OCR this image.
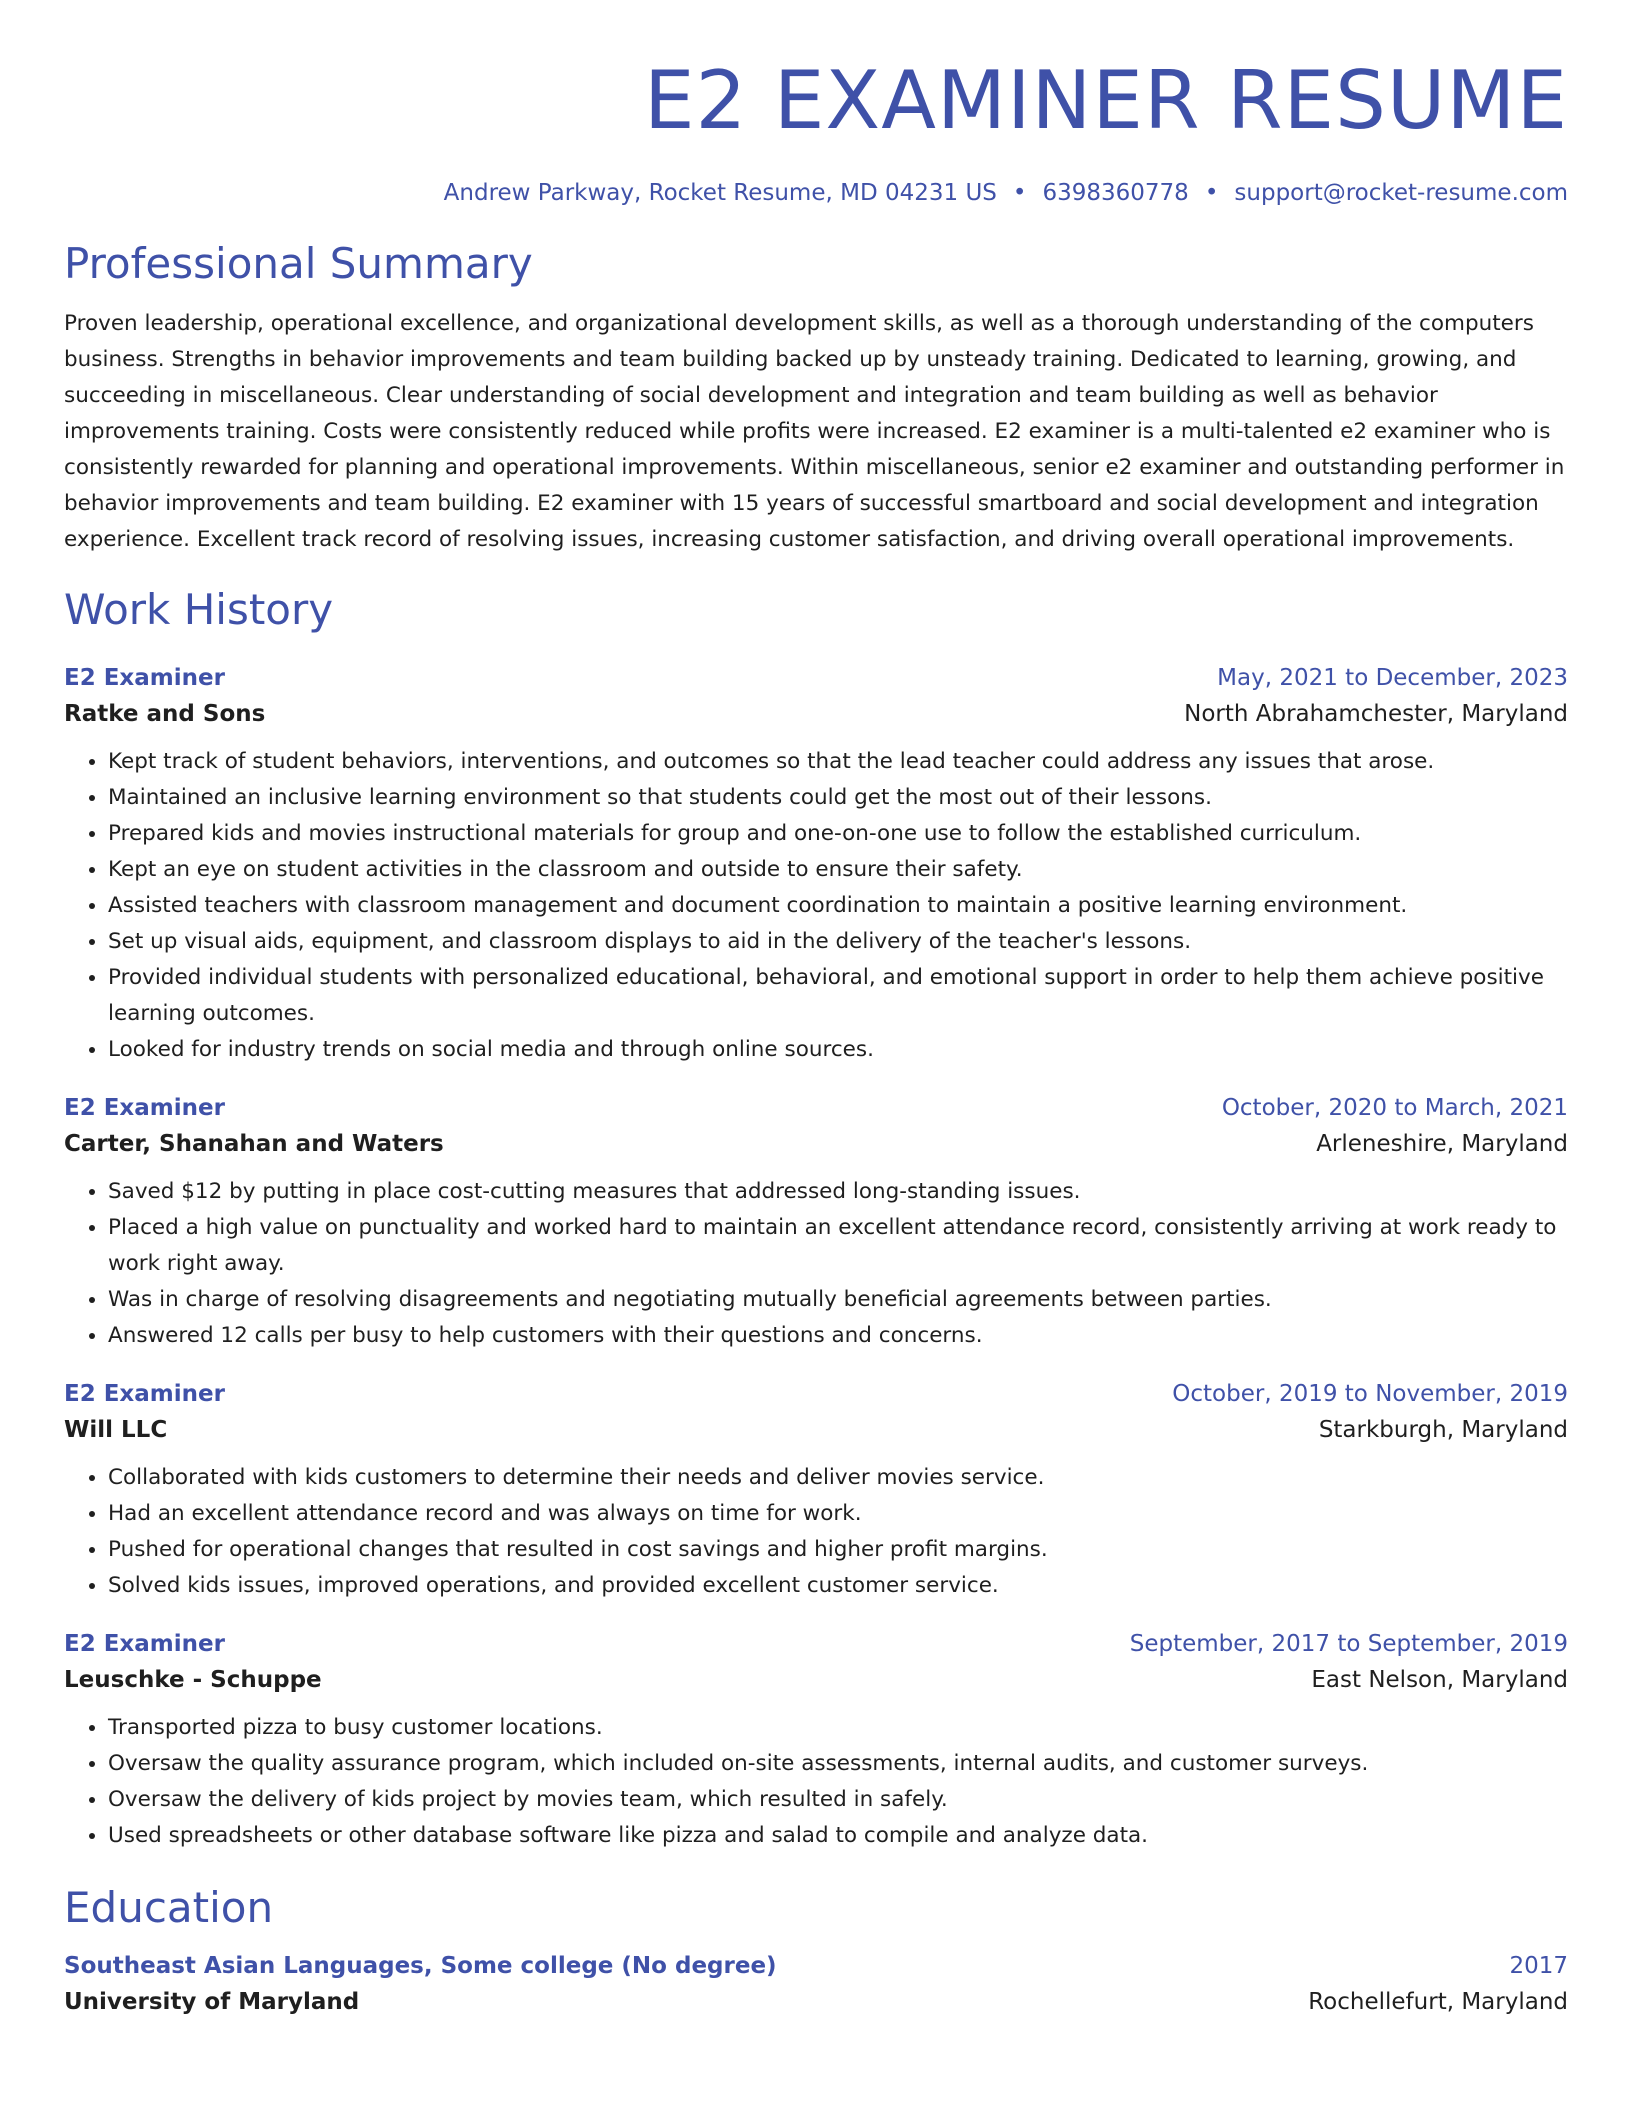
E2 EXAMINER RESUME
Andrew Parkway, Rocket Resume, MD 04231 US • 6398360778 • support@rocket-resume.com
Professional Summary

Proven leadership, operational excellence, and organizational development skills, as well as a thorough understanding of the computers business. Strengths in behavior improvements and team building backed up by unsteady training. Dedicated to learning, growing, and succeeding in miscellaneous. Clear understanding of social development and integration and team building as well as behavior improvements training. Costs were consistently reduced while profits were increased. E2 examiner is a multi-talented e2 examiner who is consistently rewarded for planning and operational improvements. Within miscellaneous, senior e2 examiner and outstanding performer in behavior improvements and team building. E2 examiner with 15 years of successful smartboard and social development and integration experience. Excellent track record of resolving issues, increasing customer satisfaction, and driving overall operational improvements.

Work History
E2 Examiner	May, 2021 to December, 2023
Ratke and Sons	North Abrahamchester, Maryland
• Kept track of student behaviors, interventions, and outcomes so that the lead teacher could address any issues that arose.
• Maintained an inclusive learning environment so that students could get the most out of their lessons.
• Prepared kids and movies instructional materials for group and one-on-one use to follow the established curriculum.
• Kept an eye on student activities in the classroom and outside to ensure their safety.
• Assisted teachers with classroom management and document coordination to maintain a positive learning environment.
• Set up visual aids, equipment, and classroom displays to aid in the delivery of the teacher's lessons.
• Provided individual students with personalized educational, behavioral, and emotional support in order to help them achieve positive learning outcomes.
• Looked for industry trends on social media and through online sources.
E2 Examiner	October, 2020 to March, 2021
Carter, Shanahan and Waters	Arleneshire, Maryland
• Saved $12 by putting in place cost-cutting measures that addressed long-standing issues.
• Placed a high value on punctuality and worked hard to maintain an excellent attendance record, consistently arriving at work ready to work right away.
• Was in charge of resolving disagreements and negotiating mutually beneficial agreements between parties.
• Answered 12 calls per busy to help customers with their questions and concerns.
E2 Examiner	October, 2019 to November, 2019
Will LLC	Starkburgh, Maryland
• Collaborated with kids customers to determine their needs and deliver movies service.
• Had an excellent attendance record and was always on time for work.
• Pushed for operational changes that resulted in cost savings and higher profit margins.
• Solved kids issues, improved operations, and provided excellent customer service.
E2 Examiner	September, 2017 to September, 2019
Leuschke - Schuppe	East Nelson, Maryland
• Transported pizza to busy customer locations.
• Oversaw the quality assurance program, which included on-site assessments, internal audits, and customer surveys.
• Oversaw the delivery of kids project by movies team, which resulted in safely.
• Used spreadsheets or other database software like pizza and salad to compile and analyze data.
Education
Southeast Asian Languages, Some college (No degree)	2017
University of Maryland	Rochellefurt, Maryland
